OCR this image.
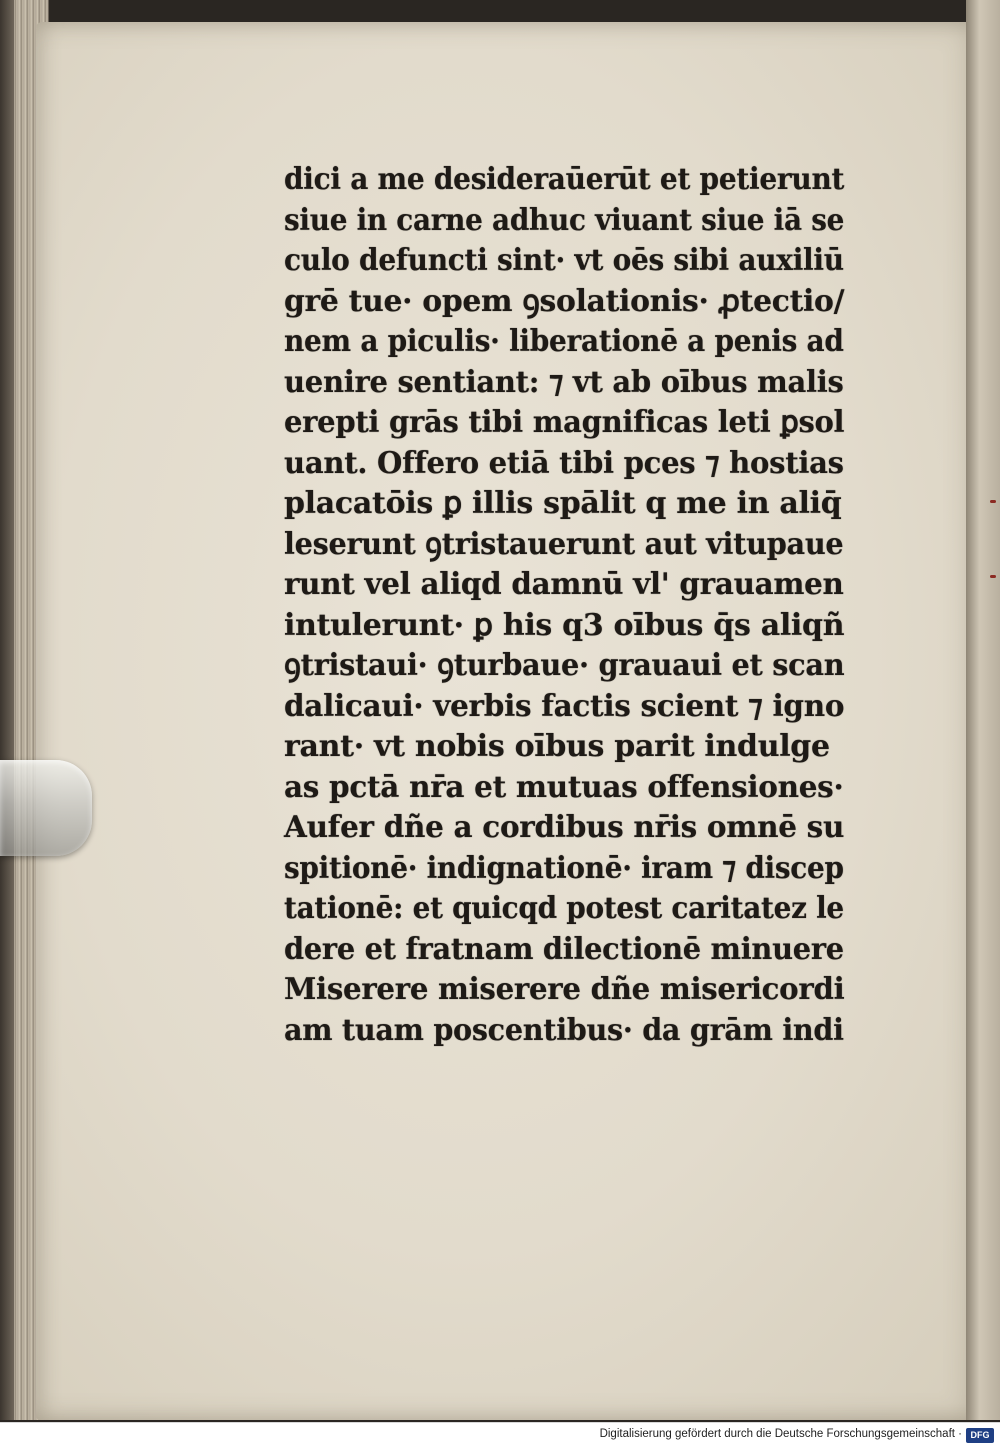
dici a me desideraūerūt et petierunt
siue in carne adhuc viuant siue iā se
culo defuncti sint· vt oēs sibi auxiliū
grē tue· opem ꝯsolationis· ꝓtectio/
nem a piculis· liberationē a penis ad
uenire sentiant: ⁊ vt ab oībus malis
erepti grās tibi magnificas leti ꝑsol
uant. Offero etiā tibi pces ⁊ hostias
placatōis ꝑ illis spālit q me in aliq̄
leserunt ꝯtristauerunt aut vitupaue
runt vel aliqd damnū vl' grauamen
intulerunt· ꝑ his q3 oībus q̄s aliqñ
ꝯtristaui· ꝯturbaue· grauaui et scan
dalicaui· verbis factis scient ⁊ igno
rant· vt nobis oībus parit indulge
as pctā nr̄a et mutuas offensiones·
Aufer dñe a cordibus nr̄is omnē su
spitionē· indignationē· iram ⁊ discep
tationē: et quicqd potest caritatez le
dere et fratnam dilectionē minuere
Miserere miserere dñe misericordi
am tuam poscentibus· da grām indi
Digitalisierung gefördert durch die Deutsche Forschungsgemeinschaft · DFG
